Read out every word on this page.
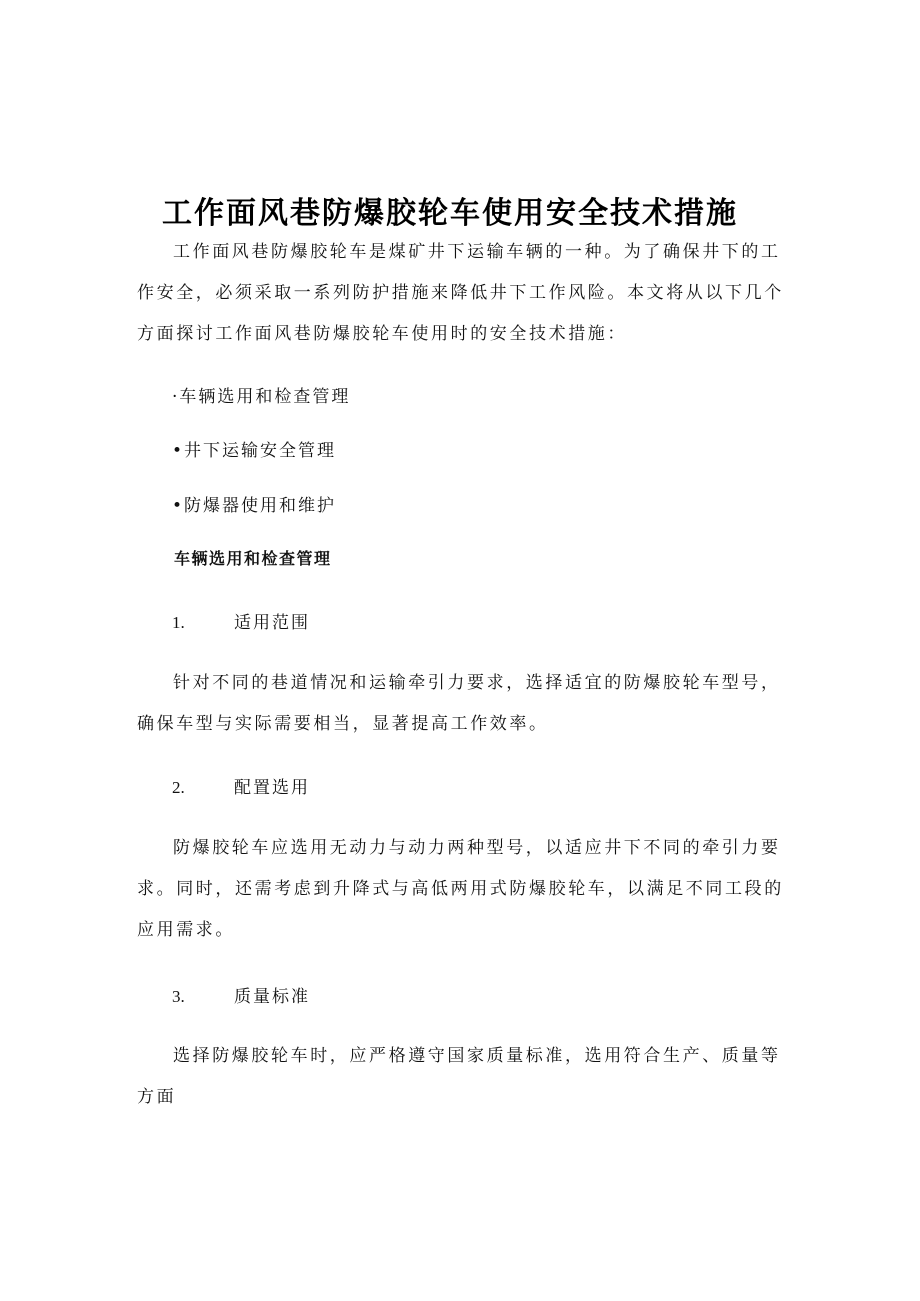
工作面风巷防爆胶轮车使用安全技术措施

工作面风巷防爆胶轮车是煤矿井下运输车辆的一种。为了确保井下的工作安全，必须采取一系列防护措施来降低井下工作风险。本文将从以下几个方面探讨工作面风巷防爆胶轮车使用时的安全技术措施：

·车辆选用和检查管理

•井下运输安全管理

•防爆器使用和维护

车辆选用和检查管理

1.	适用范围

针对不同的巷道情况和运输牵引力要求，选择适宜的防爆胶轮车型号，确保车型与实际需要相当，显著提高工作效率。

2.	配置选用

防爆胶轮车应选用无动力与动力两种型号，以适应井下不同的牵引力要求。同时，还需考虑到升降式与高低两用式防爆胶轮车，以满足不同工段的应用需求。

3.	质量标准

选择防爆胶轮车时，应严格遵守国家质量标准，选用符合生产、质量等方面
